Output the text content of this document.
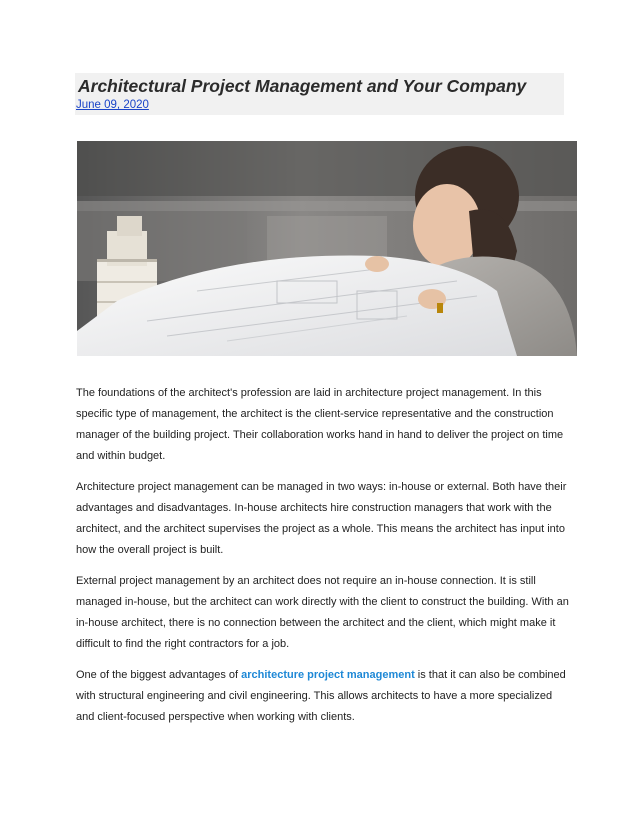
Architectural Project Management and Your Company
June 09, 2020

The foundations of the architect's profession are laid in architecture project management. In this specific type of management, the architect is the client-service representative and the construction manager of the building project. Their collaboration works hand in hand to deliver the project on time and within budget.

Architecture project management can be managed in two ways: in-house or external. Both have their advantages and disadvantages. In-house architects hire construction managers that work with the architect, and the architect supervises the project as a whole. This means the architect has input into how the overall project is built.

External project management by an architect does not require an in-house connection. It is still managed in-house, but the architect can work directly with the client to construct the building. With an in-house architect, there is no connection between the architect and the client, which might make it difficult to find the right contractors for a job.

One of the biggest advantages of architecture project management is that it can also be combined with structural engineering and civil engineering. This allows architects to have a more specialized and client-focused perspective when working with clients.
